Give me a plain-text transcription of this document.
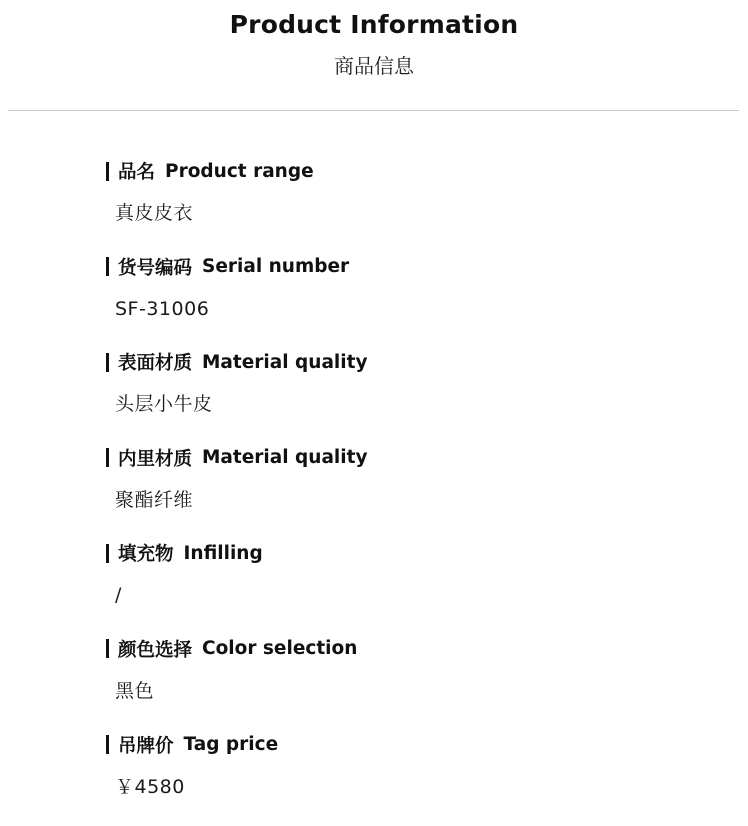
Product Information
商品信息
品名 Product range
真皮皮衣
货号编码 Serial number
SF-31006
表面材质 Material quality
头层小牛皮
内里材质 Material quality
聚酯纤维
填充物 Infilling
/
颜色选择 Color selection
黑色
吊牌价 Tag price
￥4580
